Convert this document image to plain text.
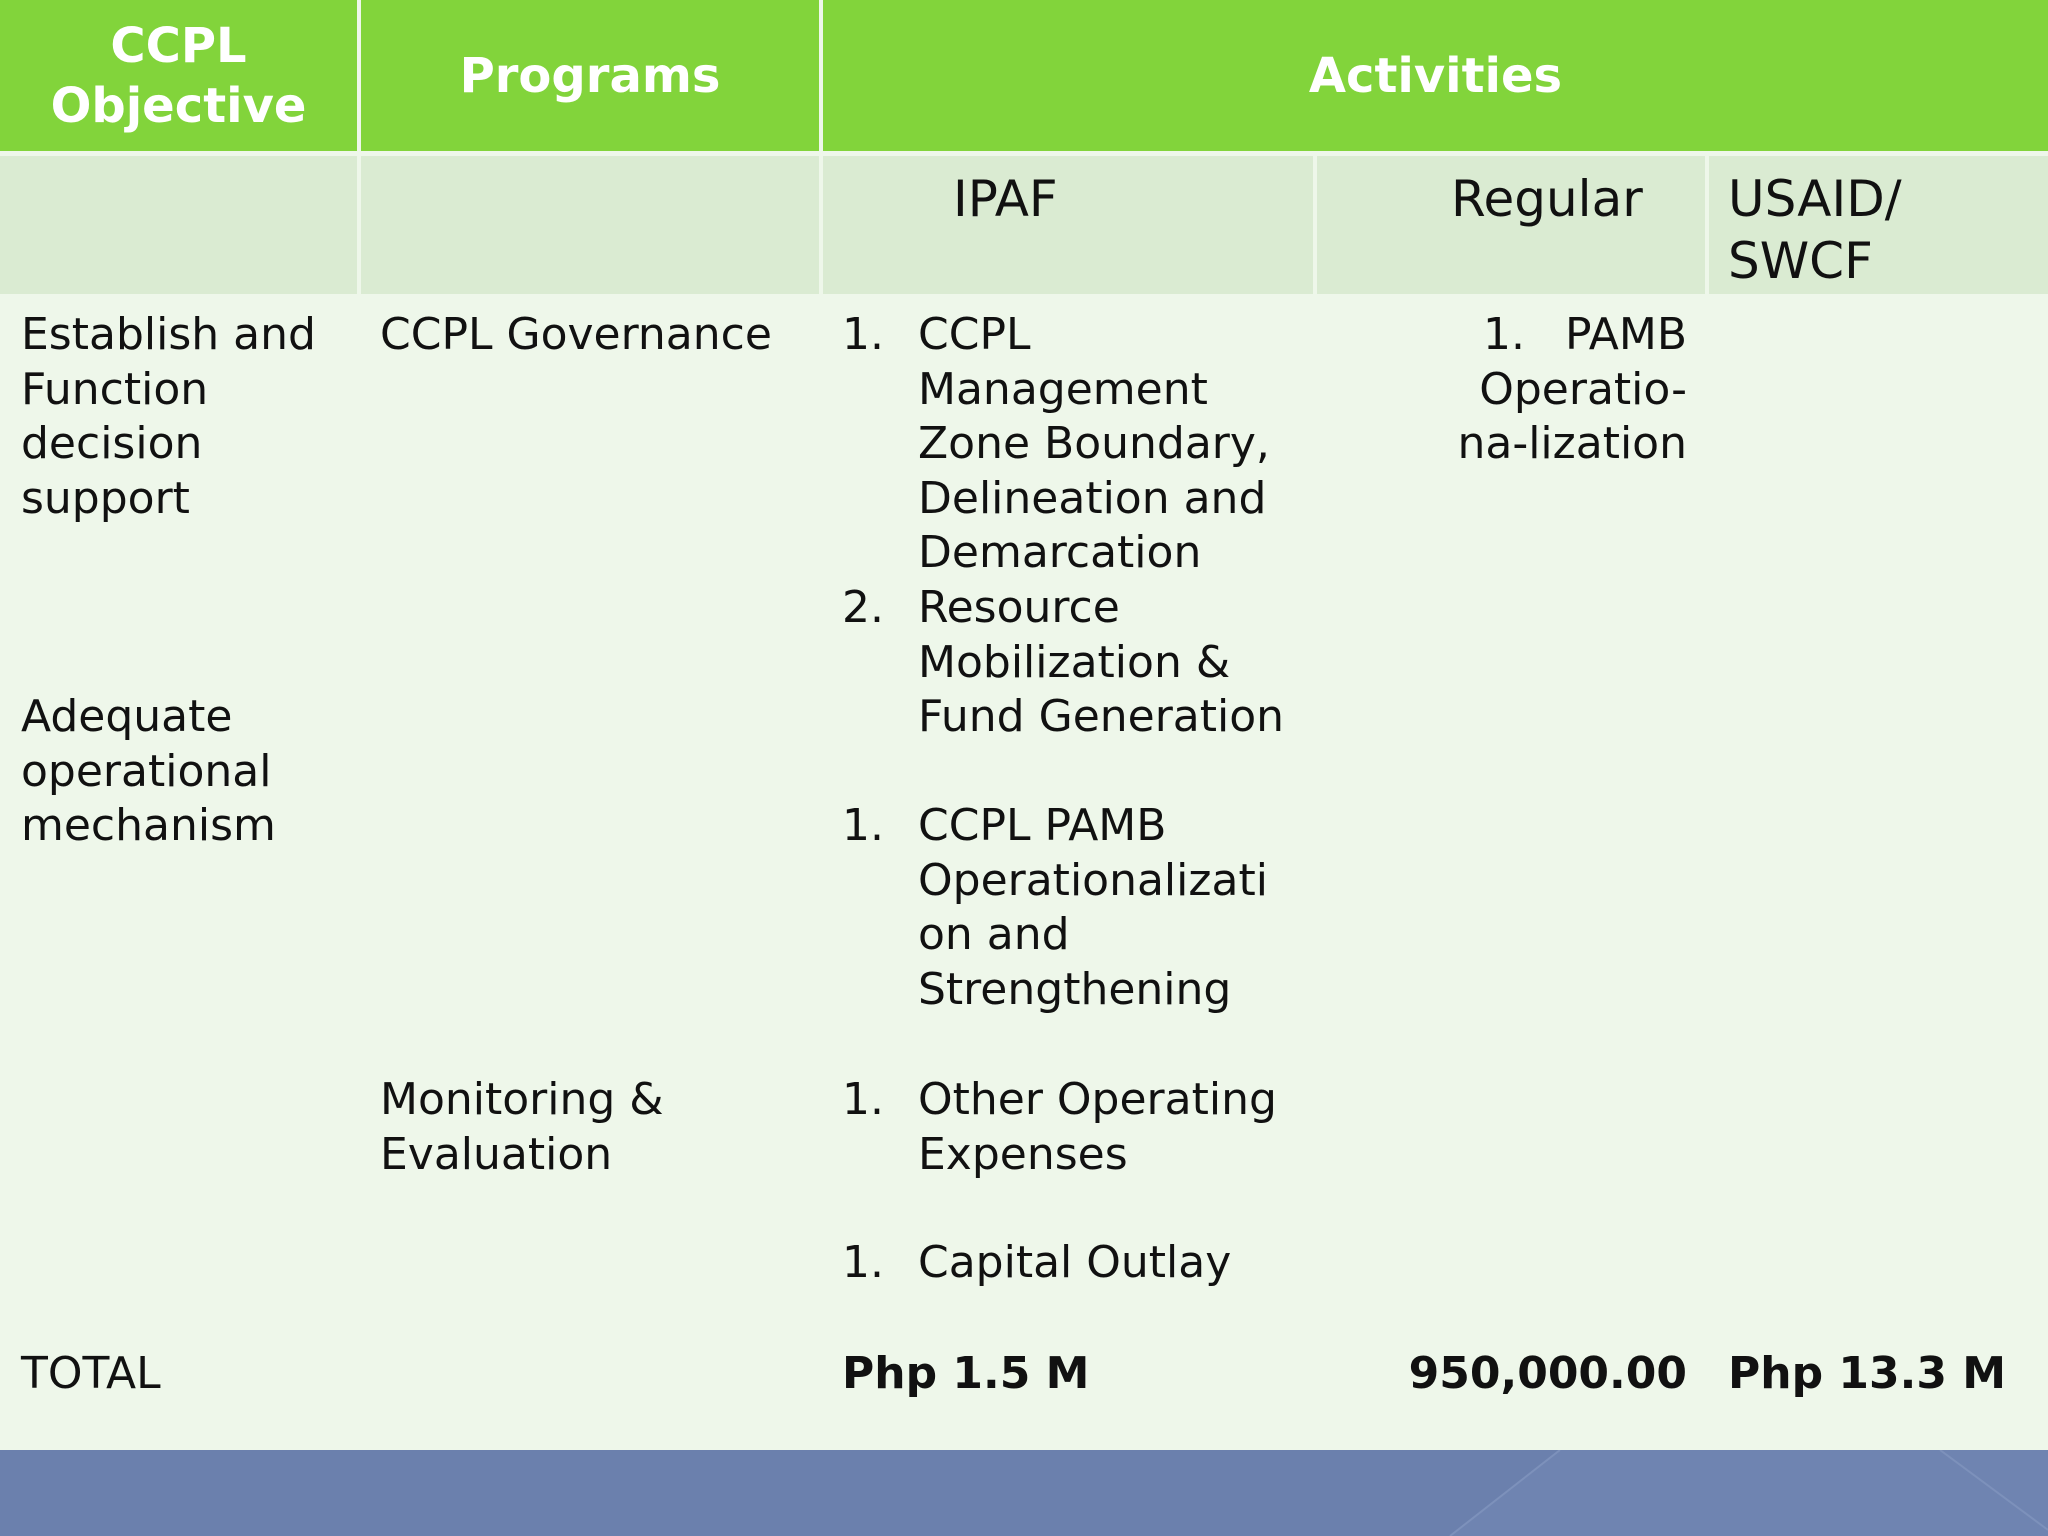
CCPL
Objective
Programs	Activities
IPAF	Regular USAID/
SWCF
Establish and
Function
decision
support
Adequate
operational
mechanism
TOTAL
CCPL Governance
Monitoring &
Evaluation
1. CCPL
Management
Zone Boundary,
Delineation and
Demarcation
2. Resource
Mobilization &
Fund Generation
1. CCPL PAMB
Operationalizati
on and
Strengthening
1. Other Operating
Expenses
1. Capital Outlay
Php 1.5 M
1. PAMB
Operatio-
na-lization
950,000.00 Php 13.3 M
